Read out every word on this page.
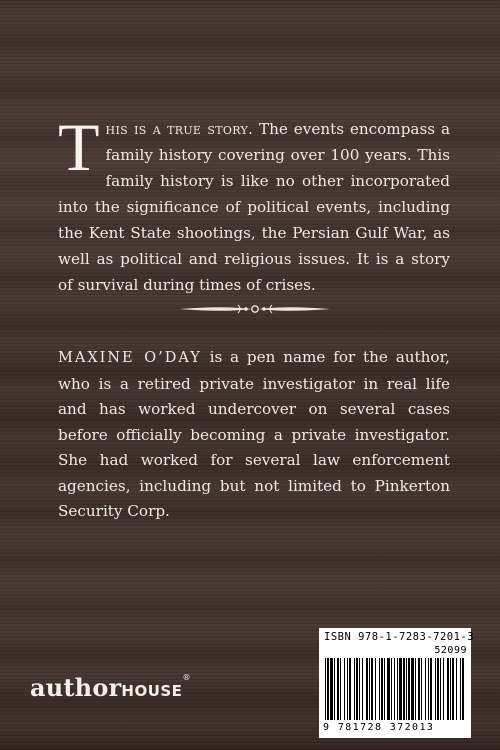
This is a true story. The events encompass a family history covering over 100 years. This family history is like no other incorporated into the significance of political events, including the Kent State shootings, the Persian Gulf War, as well as political and religious issues. It is a story of survival during times of crises.
MAXINE O’DAY is a pen name for the author, who is a retired private investigator in real life and has worked undercover on several cases before officially becoming a private investigator. She had worked for several law enforcement agencies, including but not limited to Pinkerton Security Corp.
ISBN 978-1-7283-7201-3
52099
9 781728 372013
authorHOUSE®
